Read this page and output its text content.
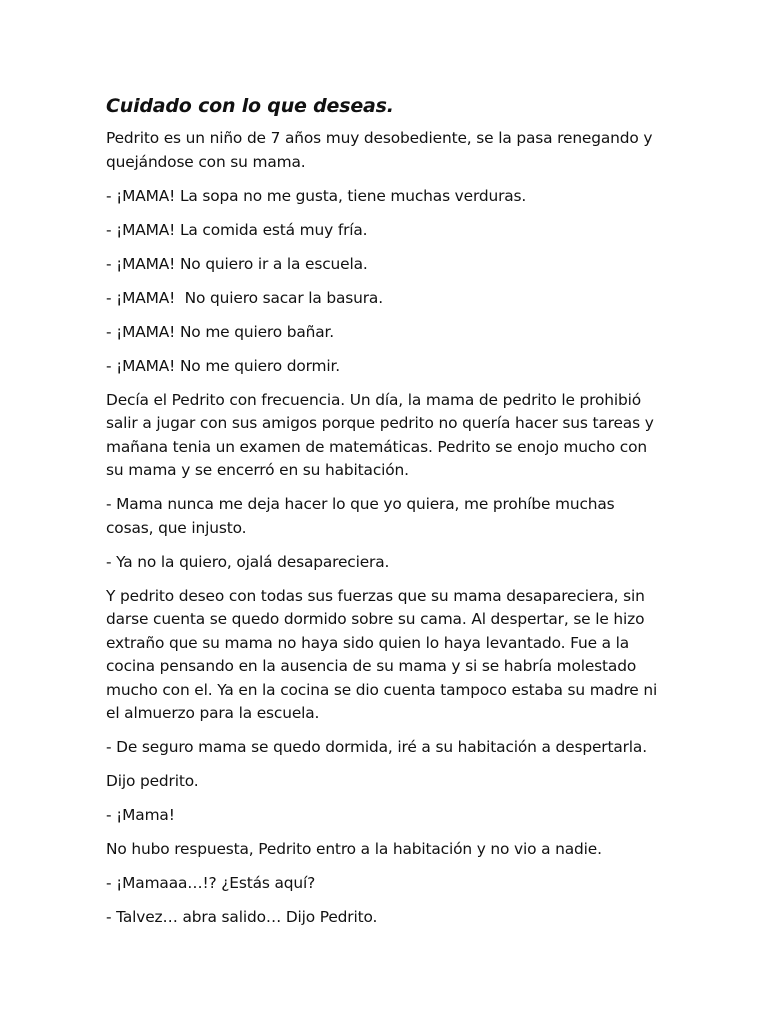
Cuidado con lo que deseas.

Pedrito es un niño de 7 años muy desobediente, se la pasa renegando y quejándose con su mama.

- ¡MAMA! La sopa no me gusta, tiene muchas verduras.

- ¡MAMA! La comida está muy fría.

- ¡MAMA! No quiero ir a la escuela.

- ¡MAMA!  No quiero sacar la basura.

- ¡MAMA! No me quiero bañar.

- ¡MAMA! No me quiero dormir.

Decía el Pedrito con frecuencia. Un día, la mama de pedrito le prohibió salir a jugar con sus amigos porque pedrito no quería hacer sus tareas y mañana tenia un examen de matemáticas. Pedrito se enojo mucho con su mama y se encerró en su habitación.

- Mama nunca me deja hacer lo que yo quiera, me prohíbe muchas cosas, que injusto.

- Ya no la quiero, ojalá desapareciera.

Y pedrito deseo con todas sus fuerzas que su mama desapareciera, sin darse cuenta se quedo dormido sobre su cama. Al despertar, se le hizo extraño que su mama no haya sido quien lo haya levantado. Fue a la cocina pensando en la ausencia de su mama y si se habría molestado mucho con el. Ya en la cocina se dio cuenta tampoco estaba su madre ni el almuerzo para la escuela.

- De seguro mama se quedo dormida, iré a su habitación a despertarla.

Dijo pedrito.

- ¡Mama!

No hubo respuesta, Pedrito entro a la habitación y no vio a nadie.

- ¡Mamaaa…!? ¿Estás aquí?

- Talvez… abra salido… Dijo Pedrito.
